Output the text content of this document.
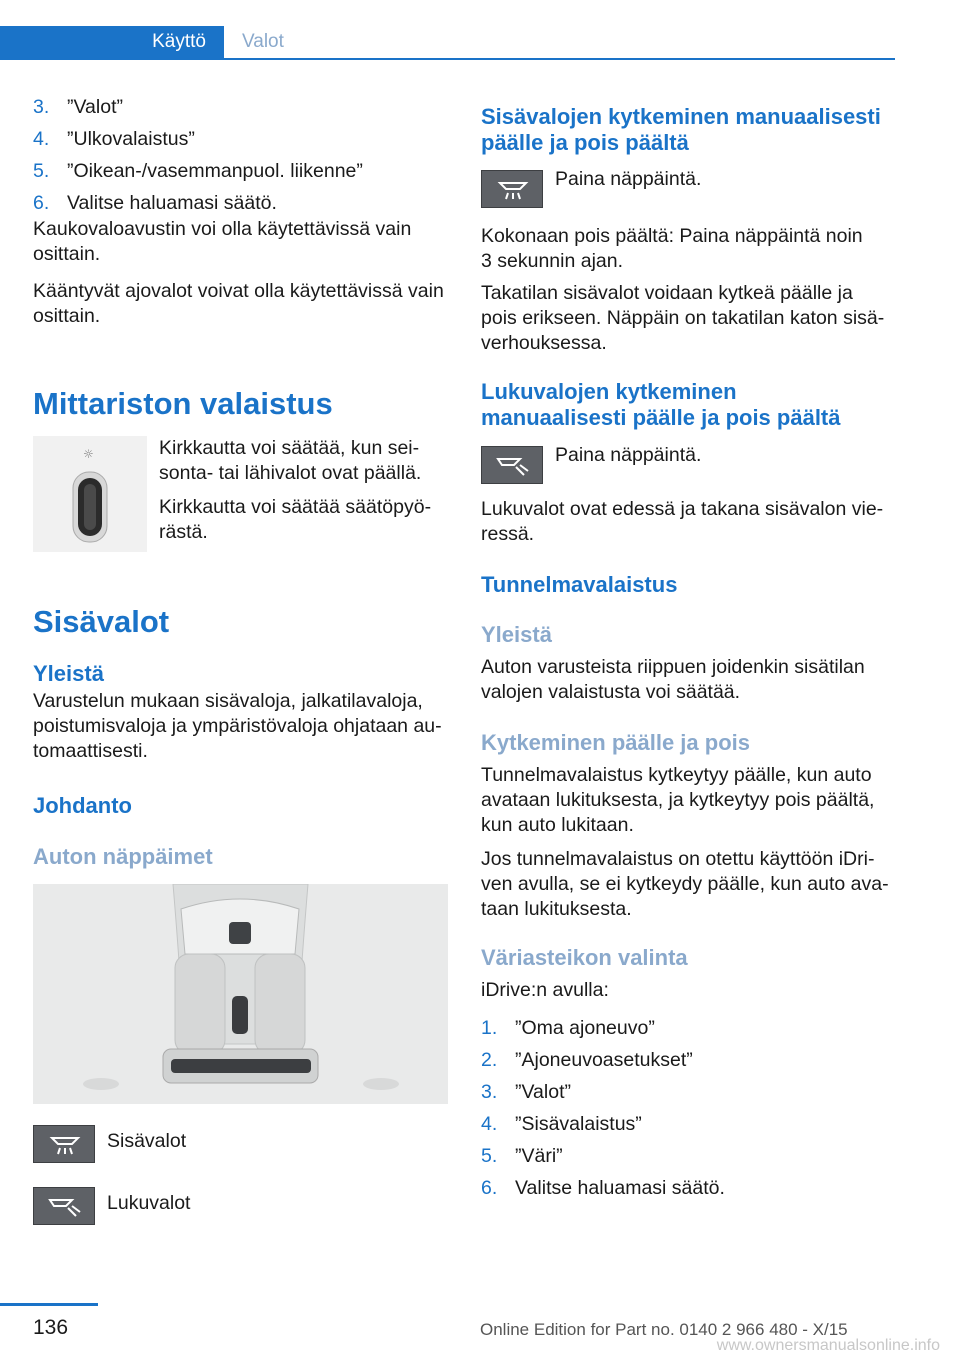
Käyttö Valot
3. ”Valot”
4. ”Ulkovalaistus”
5. ”Oikean-/vasemmanpuol. liikenne”
6. Valitse haluamasi säätö.

Kaukovaloavustin voi olla käytettävissä vain osittain.

Kääntyvät ajovalot voivat olla käytettävissä vain osittain.

Mittariston valaistus
☼	Kirkkautta voi säätää, kun sei-
sonta- tai lähivalot ovat päällä.
Kirkkautta voi säätää säätöpyö-
rästä.
Sisävalot
Yleistä
Varustelun mukaan sisävaloja, jalkatilavaloja,
poistumisvaloja ja ympäristövaloja ohjataan au-
tomaattisesti.
Johdanto
Auton näppäimet
Sisävalot
Lukuvalot
Sisävalojen kytkeminen manuaalisesti
päälle ja pois päältä
Paina näppäintä.
Kokonaan pois päältä: Paina näppäintä noin
3 sekunnin ajan.
Takatilan sisävalot voidaan kytkeä päälle ja
pois erikseen. Näppäin on takatilan katon sisä-
verhouksessa.
Lukuvalojen kytkeminen
manuaalisesti päälle ja pois päältä
Paina näppäintä.
Lukuvalot ovat edessä ja takana sisävalon vie-
ressä.
Tunnelmavalaistus
Yleistä
Auton varusteista riippuen joidenkin sisätilan
valojen valaistusta voi säätää.
Kytkeminen päälle ja pois
Tunnelmavalaistus kytkeytyy päälle, kun auto
avataan lukituksesta, ja kytkeytyy pois päältä,
kun auto lukitaan.
Jos tunnelmavalaistus on otettu käyttöön iDri-
ven avulla, se ei kytkeydy päälle, kun auto ava-
taan lukituksesta.
Väriasteikon valinta
iDrive:n avulla:
1. ”Oma ajoneuvo”
2. ”Ajoneuvoasetukset”
3. ”Valot”
4. ”Sisävalaistus”
5. ”Väri”
6. Valitse haluamasi säätö.
136	Online Edition for Part no. 0140 2 966 480 - X/15
www.ownersmanualsonline.info
